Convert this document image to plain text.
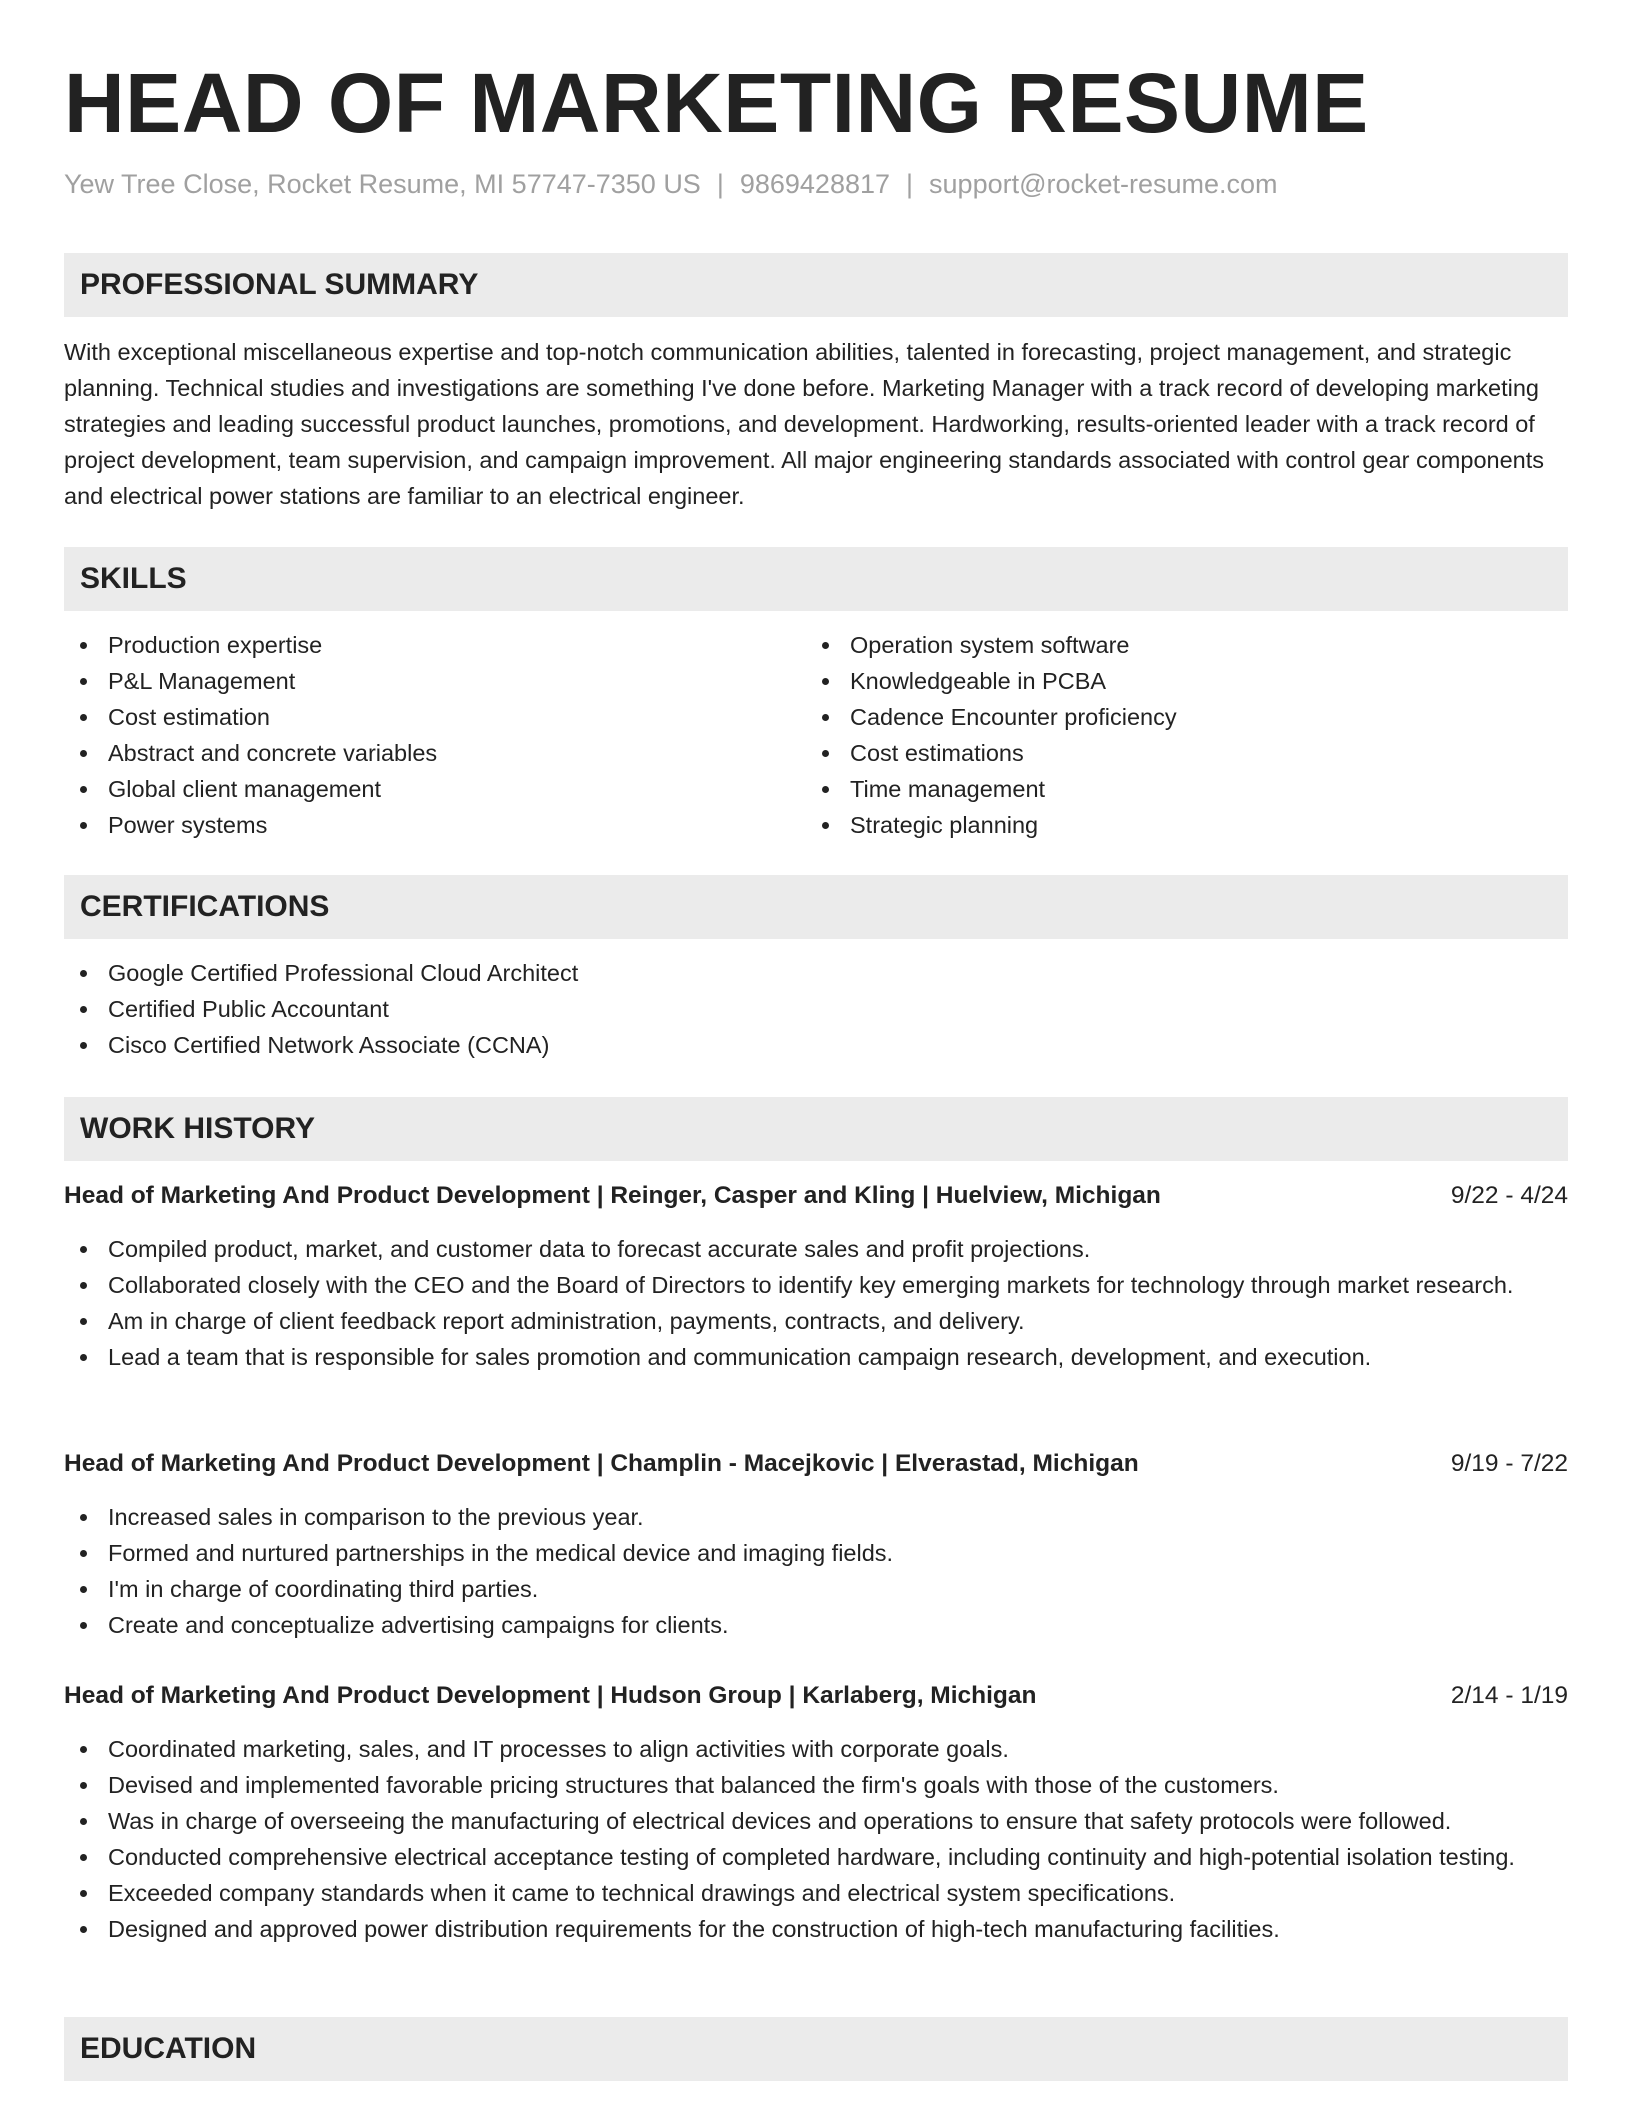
HEAD OF MARKETING RESUME
Yew Tree Close, Rocket Resume, MI 57747-7350 US | 9869428817 | support@rocket-resume.com
PROFESSIONAL SUMMARY

With exceptional miscellaneous expertise and top-notch communication abilities, talented in forecasting, project management, and strategic planning. Technical studies and investigations are something I've done before. Marketing Manager with a track record of developing marketing strategies and leading successful product launches, promotions, and development. Hardworking, results-oriented leader with a track record of project development, team supervision, and campaign improvement. All major engineering standards associated with control gear components and electrical power stations are familiar to an electrical engineer.

SKILLS
Production expertise
P&L Management
Cost estimation
Abstract and concrete variables
Global client management
Power systems
Operation system software
Knowledgeable in PCBA
Cadence Encounter proficiency
Cost estimations
Time management
Strategic planning
CERTIFICATIONS
Google Certified Professional Cloud Architect
Certified Public Accountant
Cisco Certified Network Associate (CCNA)
WORK HISTORY
Head of Marketing And Product Development | Reinger, Casper and Kling | Huelview, Michigan	9/22 - 4/24
Compiled product, market, and customer data to forecast accurate sales and profit projections.
Collaborated closely with the CEO and the Board of Directors to identify key emerging markets for technology through market research.
Am in charge of client feedback report administration, payments, contracts, and delivery.
Lead a team that is responsible for sales promotion and communication campaign research, development, and execution.
Head of Marketing And Product Development | Champlin - Macejkovic | Elverastad, Michigan	9/19 - 7/22
Increased sales in comparison to the previous year.
Formed and nurtured partnerships in the medical device and imaging fields.
I'm in charge of coordinating third parties.
Create and conceptualize advertising campaigns for clients.
Head of Marketing And Product Development | Hudson Group | Karlaberg, Michigan	2/14 - 1/19
Coordinated marketing, sales, and IT processes to align activities with corporate goals.
Devised and implemented favorable pricing structures that balanced the firm's goals with those of the customers.
Was in charge of overseeing the manufacturing of electrical devices and operations to ensure that safety protocols were followed.
Conducted comprehensive electrical acceptance testing of completed hardware, including continuity and high-potential isolation testing.
Exceeded company standards when it came to technical drawings and electrical system specifications.
Designed and approved power distribution requirements for the construction of high-tech manufacturing facilities.
EDUCATION
